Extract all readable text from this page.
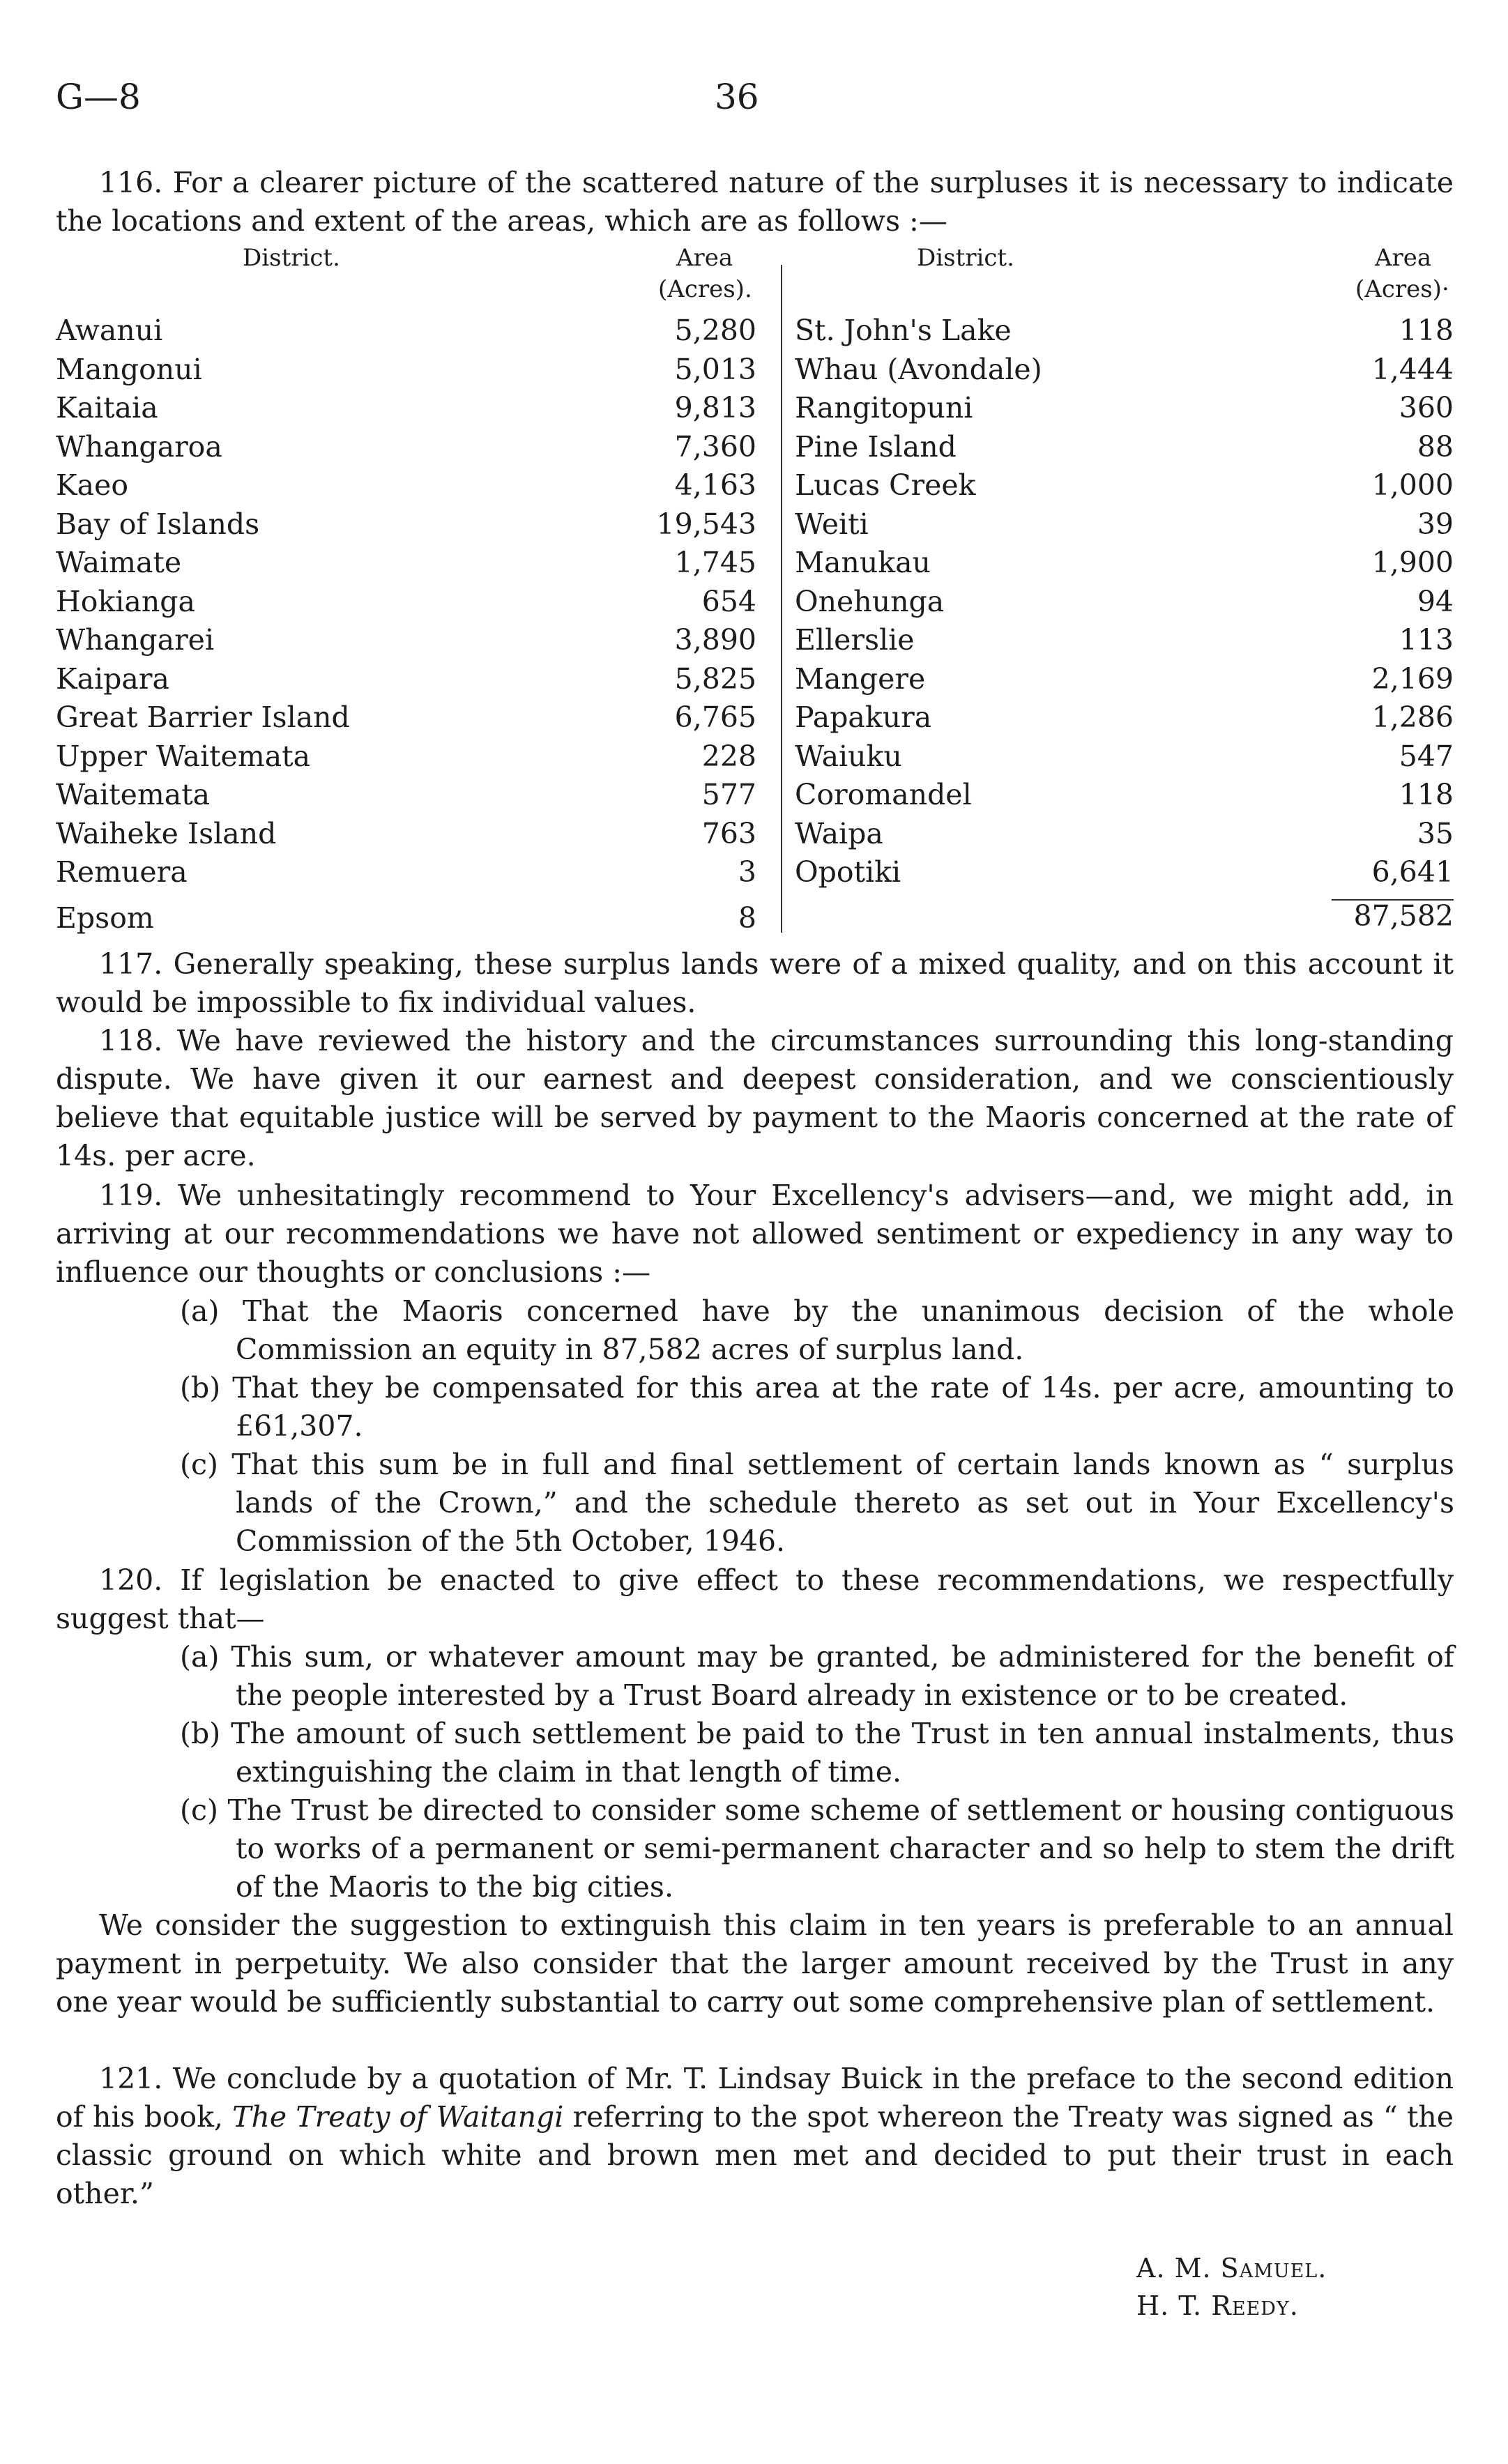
G—8	36
116. For a clearer picture of the scattered nature of the surpluses it is necessary to indicate the locations and extent of the areas, which are as follows :—
District.	Area
(Acres).
District.	Area
(Acres)·
Awanui	5,280
Mangonui	5,013
Kaitaia	9,813
Whangaroa	7,360
Kaeo	4,163
Bay of Islands	19,543
Waimate	1,745
Hokianga	654
Whangarei	3,890
Kaipara	5,825
Great Barrier Island	6,765
Upper Waitemata	228
Waitemata	577
Waiheke Island	763
Remuera	3
Epsom	8
St. John's Lake	118
Whau (Avondale)	1,444
Rangitopuni	360
Pine Island	88
Lucas Creek	1,000
Weiti	39
Manukau	1,900
Onehunga	94
Ellerslie	113
Mangere	2,169
Papakura	1,286
Waiuku	547
Coromandel	118
Waipa	35
Opotiki	6,641
87,582
117. Generally speaking, these surplus lands were of a mixed quality, and on this account it would be impossible to fix individual values.
118. We have reviewed the history and the circumstances surrounding this long-standing dispute. We have given it our earnest and deepest consideration, and we conscientiously believe that equitable justice will be served by payment to the Maoris concerned at the rate of 14s. per acre.
119. We unhesitatingly recommend to Your Excellency's advisers—and, we might add, in arriving at our recommendations we have not allowed sentiment or expediency in any way to influence our thoughts or conclusions :—
(a) That the Maoris concerned have by the unanimous decision of the whole Commission an equity in 87,582 acres of surplus land.
(b) That they be compensated for this area at the rate of 14s. per acre, amounting to £61,307.
(c) That this sum be in full and final settlement of certain lands known as “ surplus lands of the Crown,” and the schedule thereto as set out in Your Excellency's Commission of the 5th October, 1946.
120. If legislation be enacted to give effect to these recommendations, we respectfully suggest that—
(a) This sum, or whatever amount may be granted, be administered for the benefit of the people interested by a Trust Board already in existence or to be created.
(b) The amount of such settlement be paid to the Trust in ten annual instalments, thus extinguishing the claim in that length of time.
(c) The Trust be directed to consider some scheme of settlement or housing contiguous to works of a permanent or semi-permanent character and so help to stem the drift of the Maoris to the big cities.
We consider the suggestion to extinguish this claim in ten years is preferable to an annual payment in perpetuity. We also consider that the larger amount received by the Trust in any one year would be sufficiently substantial to carry out some comprehensive plan of settlement.
121. We conclude by a quotation of Mr. T. Lindsay Buick in the preface to the second edition of his book, The Treaty of Waitangi referring to the spot whereon the Treaty was signed as “ the classic ground on which white and brown men met and decided to put their trust in each other.”
A. M. Samuel.
H. T. Reedy.
